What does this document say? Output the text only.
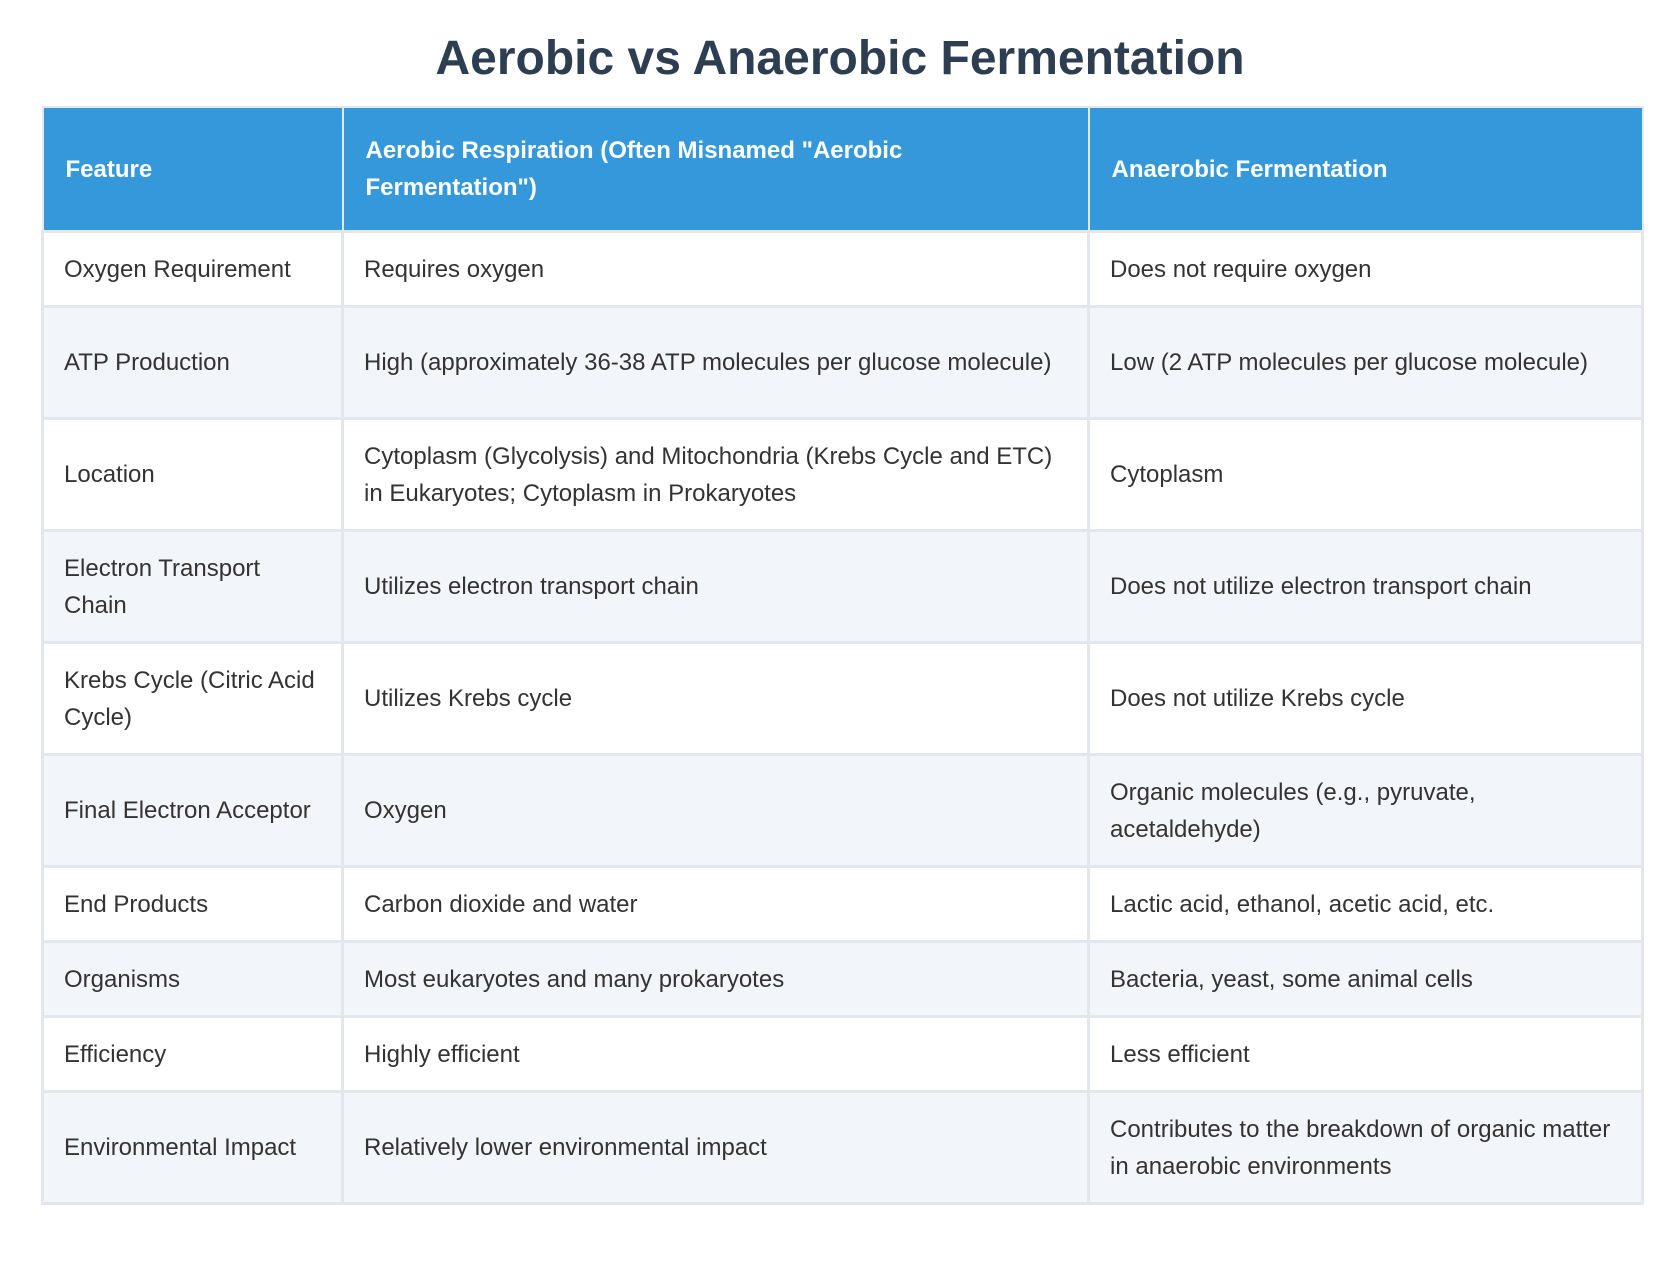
Aerobic vs Anaerobic Fermentation
Feature	Aerobic Respiration (Often Misnamed "Aerobic Fermentation")	Anaerobic Fermentation
Oxygen Requirement	Requires oxygen	Does not require oxygen
ATP Production	High (approximately 36-38 ATP molecules per glucose molecule)	Low (2 ATP molecules per glucose molecule)
Location	Cytoplasm (Glycolysis) and Mitochondria (Krebs Cycle and ETC) in Eukaryotes; Cytoplasm in Prokaryotes	Cytoplasm
Electron Transport Chain	Utilizes electron transport chain	Does not utilize electron transport chain
Krebs Cycle (Citric Acid Cycle)	Utilizes Krebs cycle	Does not utilize Krebs cycle
Final Electron Acceptor	Oxygen	Organic molecules (e.g., pyruvate, acetaldehyde)
End Products	Carbon dioxide and water	Lactic acid, ethanol, acetic acid, etc.
Organisms	Most eukaryotes and many prokaryotes	Bacteria, yeast, some animal cells
Efficiency	Highly efficient	Less efficient
Environmental Impact	Relatively lower environmental impact	Contributes to the breakdown of organic matter in anaerobic environments
